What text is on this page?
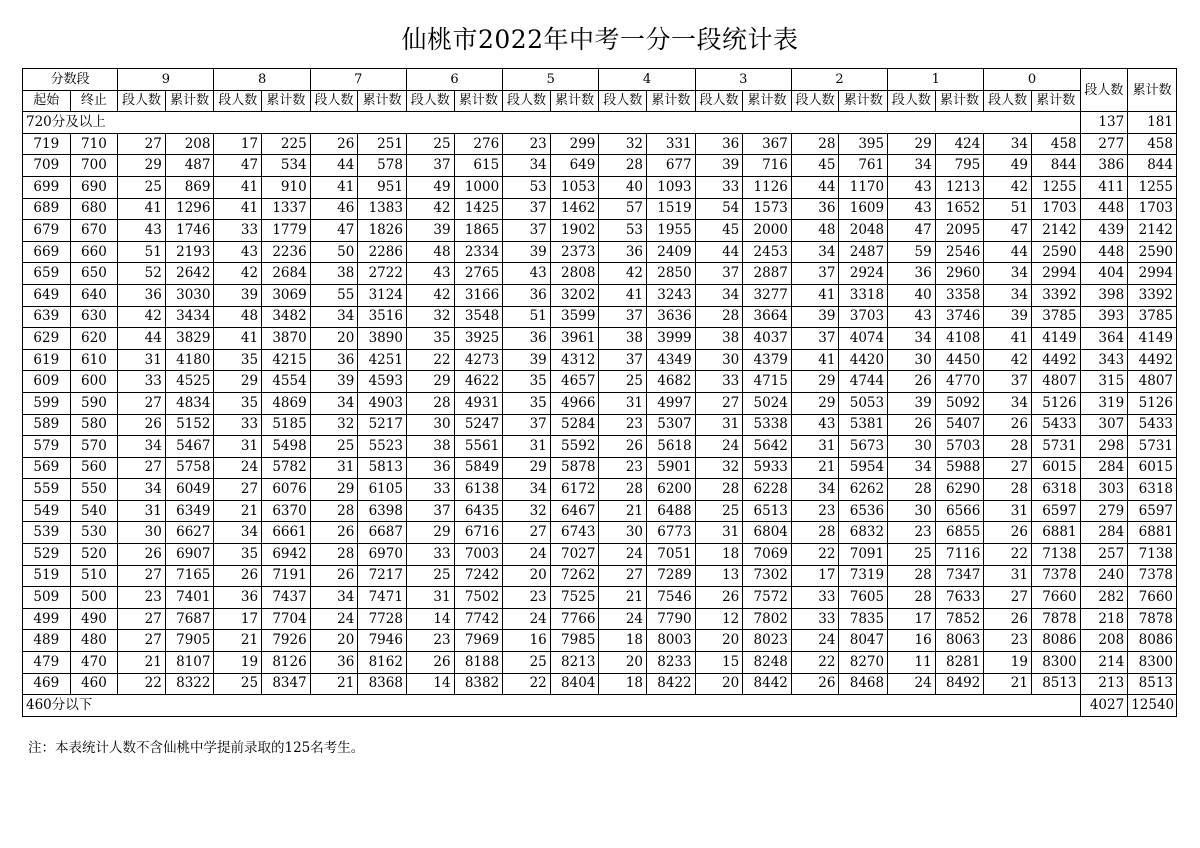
仙桃市2022年中考一分一段统计表
分数段		9		8		7		6		5		4		3		2		1		0		段人数	累计数
起始	终止	段人数	累计数	段人数	累计数	段人数	累计数	段人数	累计数	段人数	累计数	段人数	累计数	段人数	累计数	段人数	累计数	段人数	累计数	段人数	累计数		
720分及以上																						137	181
719	710	27	208	17	225	26	251	25	276	23	299	32	331	36	367	28	395	29	424	34	458	277	458
709	700	29	487	47	534	44	578	37	615	34	649	28	677	39	716	45	761	34	795	49	844	386	844
699	690	25	869	41	910	41	951	49	1000	53	1053	40	1093	33	1126	44	1170	43	1213	42	1255	411	1255
689	680	41	1296	41	1337	46	1383	42	1425	37	1462	57	1519	54	1573	36	1609	43	1652	51	1703	448	1703
679	670	43	1746	33	1779	47	1826	39	1865	37	1902	53	1955	45	2000	48	2048	47	2095	47	2142	439	2142
669	660	51	2193	43	2236	50	2286	48	2334	39	2373	36	2409	44	2453	34	2487	59	2546	44	2590	448	2590
659	650	52	2642	42	2684	38	2722	43	2765	43	2808	42	2850	37	2887	37	2924	36	2960	34	2994	404	2994
649	640	36	3030	39	3069	55	3124	42	3166	36	3202	41	3243	34	3277	41	3318	40	3358	34	3392	398	3392
639	630	42	3434	48	3482	34	3516	32	3548	51	3599	37	3636	28	3664	39	3703	43	3746	39	3785	393	3785
629	620	44	3829	41	3870	20	3890	35	3925	36	3961	38	3999	38	4037	37	4074	34	4108	41	4149	364	4149
619	610	31	4180	35	4215	36	4251	22	4273	39	4312	37	4349	30	4379	41	4420	30	4450	42	4492	343	4492
609	600	33	4525	29	4554	39	4593	29	4622	35	4657	25	4682	33	4715	29	4744	26	4770	37	4807	315	4807
599	590	27	4834	35	4869	34	4903	28	4931	35	4966	31	4997	27	5024	29	5053	39	5092	34	5126	319	5126
589	580	26	5152	33	5185	32	5217	30	5247	37	5284	23	5307	31	5338	43	5381	26	5407	26	5433	307	5433
579	570	34	5467	31	5498	25	5523	38	5561	31	5592	26	5618	24	5642	31	5673	30	5703	28	5731	298	5731
569	560	27	5758	24	5782	31	5813	36	5849	29	5878	23	5901	32	5933	21	5954	34	5988	27	6015	284	6015
559	550	34	6049	27	6076	29	6105	33	6138	34	6172	28	6200	28	6228	34	6262	28	6290	28	6318	303	6318
549	540	31	6349	21	6370	28	6398	37	6435	32	6467	21	6488	25	6513	23	6536	30	6566	31	6597	279	6597
539	530	30	6627	34	6661	26	6687	29	6716	27	6743	30	6773	31	6804	28	6832	23	6855	26	6881	284	6881
529	520	26	6907	35	6942	28	6970	33	7003	24	7027	24	7051	18	7069	22	7091	25	7116	22	7138	257	7138
519	510	27	7165	26	7191	26	7217	25	7242	20	7262	27	7289	13	7302	17	7319	28	7347	31	7378	240	7378
509	500	23	7401	36	7437	34	7471	31	7502	23	7525	21	7546	26	7572	33	7605	28	7633	27	7660	282	7660
499	490	27	7687	17	7704	24	7728	14	7742	24	7766	24	7790	12	7802	33	7835	17	7852	26	7878	218	7878
489	480	27	7905	21	7926	20	7946	23	7969	16	7985	18	8003	20	8023	24	8047	16	8063	23	8086	208	8086
479	470	21	8107	19	8126	36	8162	26	8188	25	8213	20	8233	15	8248	22	8270	11	8281	19	8300	214	8300
469	460	22	8322	25	8347	21	8368	14	8382	22	8404	18	8422	20	8442	26	8468	24	8492	21	8513	213	8513
460分以下																						4027	12540
注：本表统计人数不含仙桃中学提前录取的125名考生。
